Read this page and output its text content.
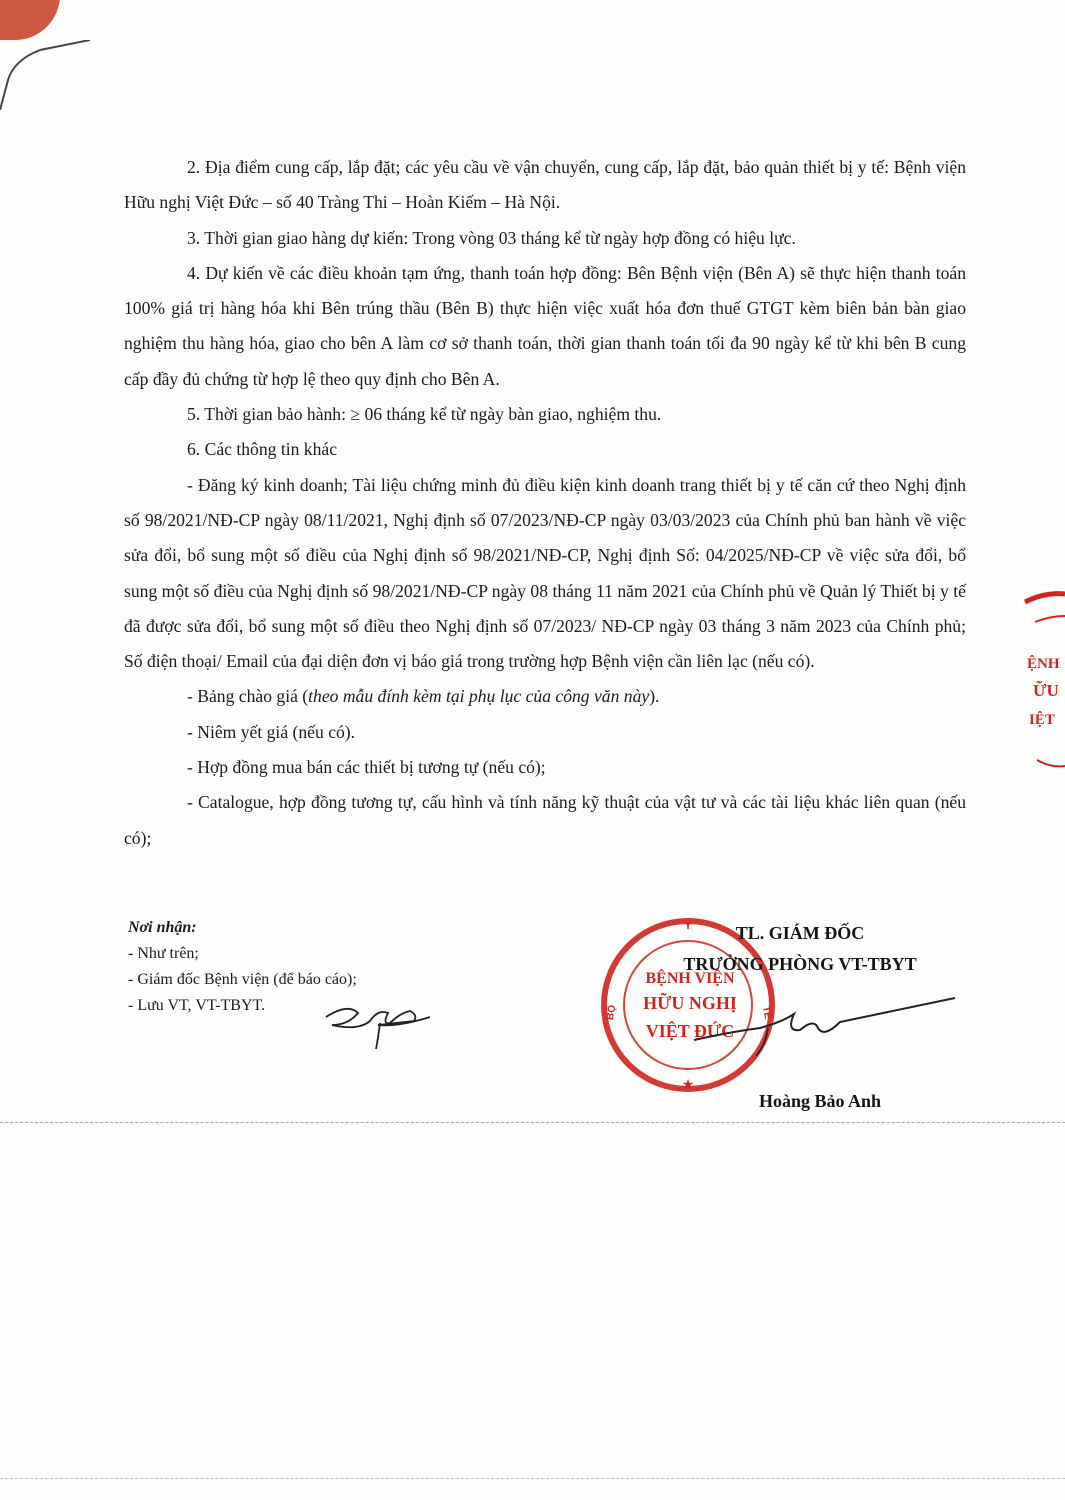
2. Địa điểm cung cấp, lắp đặt; các yêu cầu về vận chuyển, cung cấp, lắp đặt, bảo quản thiết bị y tế: Bệnh viện Hữu nghị Việt Đức – số 40 Tràng Thi – Hoàn Kiếm – Hà Nội.

3. Thời gian giao hàng dự kiến: Trong vòng 03 tháng kể từ ngày hợp đồng có hiệu lực.

4. Dự kiến về các điều khoản tạm ứng, thanh toán hợp đồng: Bên Bệnh viện (Bên A) sẽ thực hiện thanh toán 100% giá trị hàng hóa khi Bên trúng thầu (Bên B) thực hiện việc xuất hóa đơn thuế GTGT kèm biên bản bàn giao nghiệm thu hàng hóa, giao cho bên A làm cơ sở thanh toán, thời gian thanh toán tối đa 90 ngày kể từ khi bên B cung cấp đầy đủ chứng từ hợp lệ theo quy định cho Bên A.

5. Thời gian bảo hành: ≥ 06 tháng kể từ ngày bàn giao, nghiệm thu.

6. Các thông tin khác

- Đăng ký kinh doanh; Tài liệu chứng minh đủ điều kiện kinh doanh trang thiết bị y tế căn cứ theo Nghị định số 98/2021/NĐ-CP ngày 08/11/2021, Nghị định số 07/2023/NĐ-CP ngày 03/03/2023 của Chính phủ ban hành về việc sửa đổi, bổ sung một số điều của Nghị định số 98/2021/NĐ-CP, Nghị định Số: 04/2025/NĐ-CP về việc sửa đổi, bổ sung một số điều của Nghị định số 98/2021/NĐ-CP ngày 08 tháng 11 năm 2021 của Chính phủ về Quản lý Thiết bị y tế đã được sửa đổi, bổ sung một số điều theo Nghị định số 07/2023/ NĐ-CP ngày 03 tháng 3 năm 2023 của Chính phủ; Số điện thoại/ Email của đại diện đơn vị báo giá trong trường hợp Bệnh viện cần liên lạc (nếu có).

- Bảng chào giá (theo mẫu đính kèm tại phụ lục của công văn này).

- Niêm yết giá (nếu có).

- Hợp đồng mua bán các thiết bị tương tự (nếu có);

- Catalogue, hợp đồng tương tự, cấu hình và tính năng kỹ thuật của vật tư và các tài liệu khác liên quan (nếu có);

Nơi nhận:
- Như trên;
- Giám đốc Bệnh viện (để báo cáo);
- Lưu VT, VT-TBYT.
Y
BỘ	TẾ
BỆNH VIỆN
HỮU NGHỊ
VIỆT ĐỨC
★
TL. GIÁM ĐỐC
TRƯỞNG PHÒNG VT-TBYT
Hoàng Bảo Anh
ỆNH
ỮU
IỆT
